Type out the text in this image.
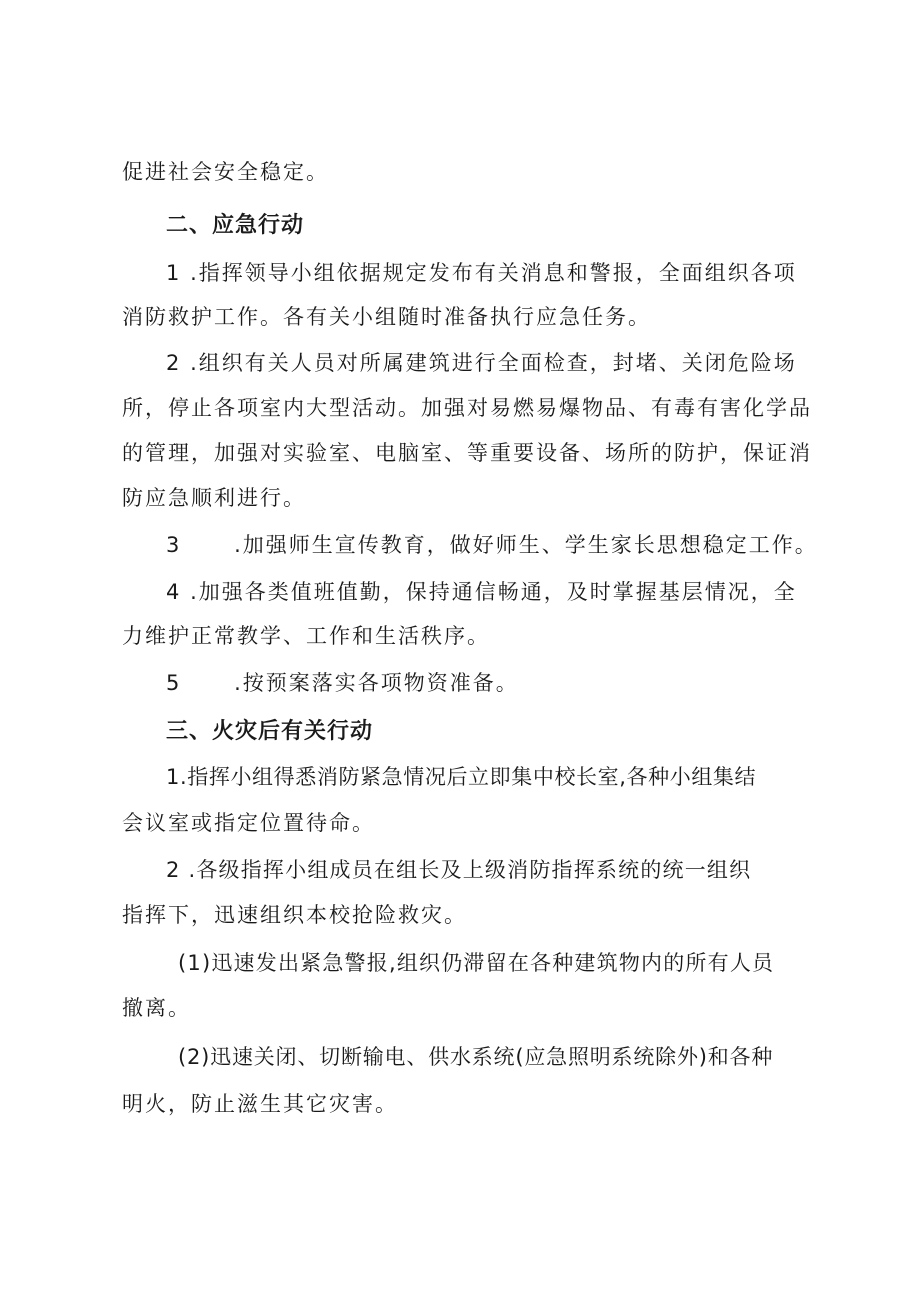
促进社会安全稳定。
二、应急行动
1 .指挥领导小组依据规定发布有关消息和警报，全面组织各项
消防救护工作。各有关小组随时准备执行应急任务。
2 .组织有关人员对所属建筑进行全面检查，封堵、关闭危险场
所，停止各项室内大型活动。加强对易燃易爆物品、有毒有害化学品
的管理，加强对实验室、电脑室、等重要设备、场所的防护，保证消
防应急顺利进行。
3	.加强师生宣传教育，做好师生、学生家长思想稳定工作。
4 .加强各类值班值勤，保持通信畅通，及时掌握基层情况，全
力维护正常教学、工作和生活秩序。
5	.按预案落实各项物资准备。
三、火灾后有关行动
1.指挥小组得悉消防紧急情况后立即集中校长室,各种小组集结
会议室或指定位置待命。
2 .各级指挥小组成员在组长及上级消防指挥系统的统一组织
指挥下，迅速组织本校抢险救灾。
(1)迅速发出紧急警报,组织仍滞留在各种建筑物内的所有人员
撤离。
(2)迅速关闭、切断输电、供水系统(应急照明系统除外)和各种
明火，防止滋生其它灾害。
